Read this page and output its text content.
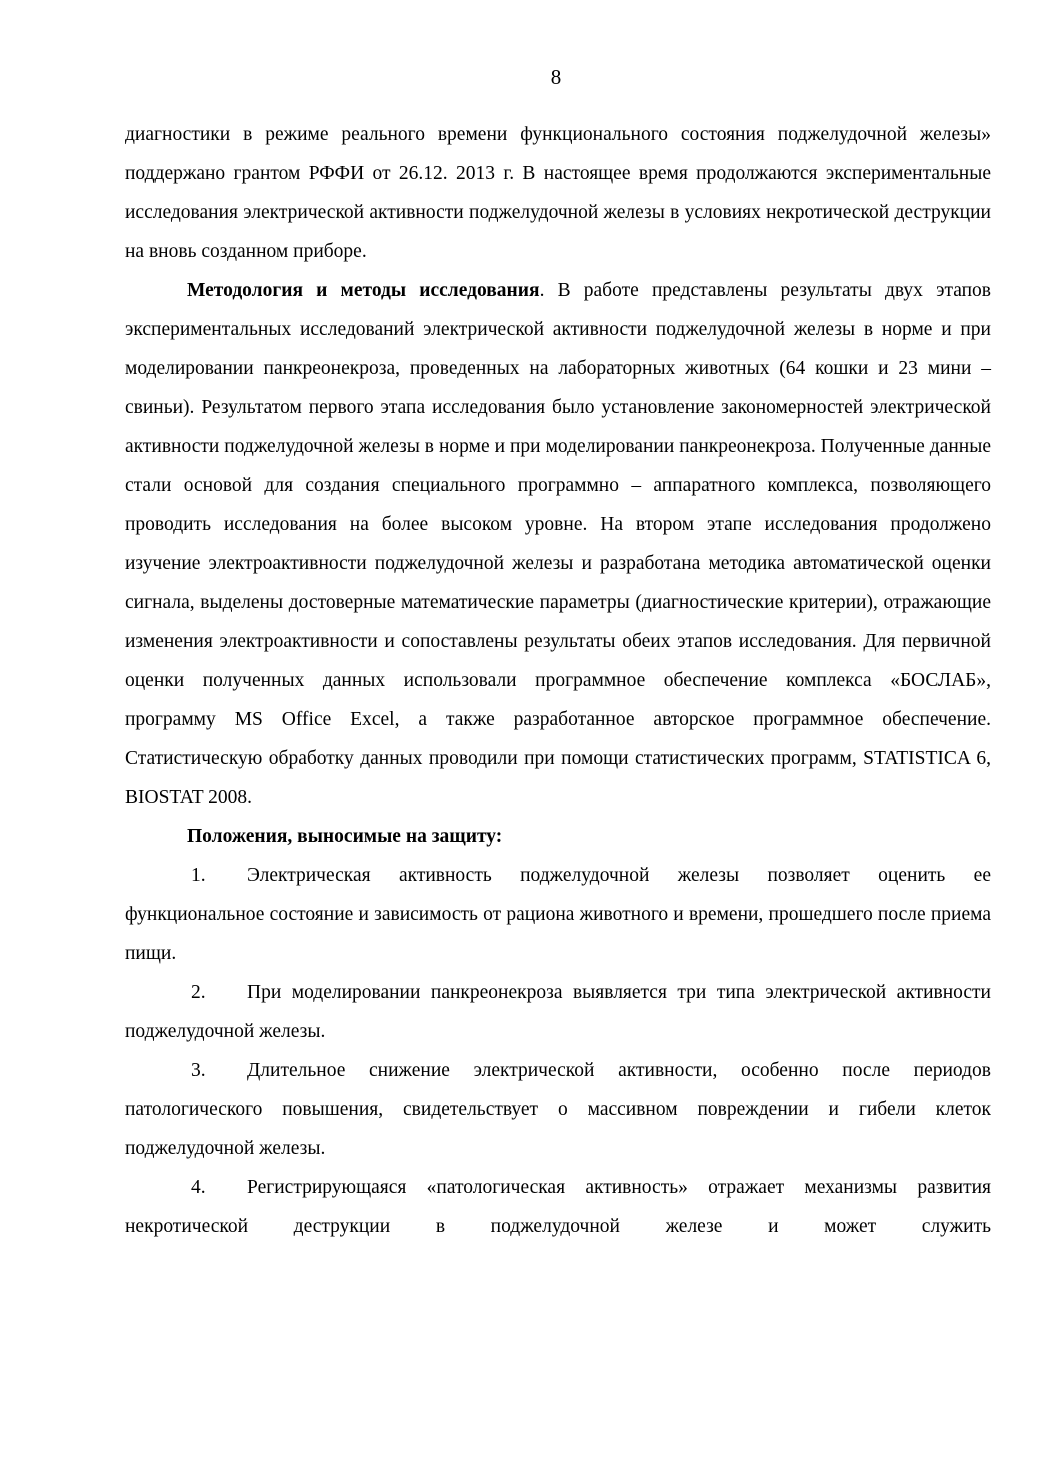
8

диагностики в режиме реального времени функционального состояния поджелудочной железы» поддержано грантом РФФИ от 26.12. 2013 г. В настоящее время продолжаются экспериментальные исследования электрической активности поджелудочной железы в условиях некротической деструкции на вновь созданном приборе.

Методология и методы исследования. В работе представлены результаты двух этапов экспериментальных исследований электрической активности поджелудочной железы в норме и при моделировании панкреонекроза, проведенных на лабораторных животных (64 кошки и 23 мини – свиньи). Результатом первого этапа исследования было установление закономерностей электрической активности поджелудочной железы в норме и при моделировании панкреонекроза. Полученные данные стали основой для создания специального программно – аппаратного комплекса, позволяющего проводить исследования на более высоком уровне. На втором этапе исследования продолжено изучение электроактивности поджелудочной железы и разработана методика автоматической оценки сигнала, выделены достоверные математические параметры (диагностические критерии), отражающие изменения электроактивности и сопоставлены результаты обеих этапов исследования. Для первичной оценки полученных данных использовали программное обеспечение комплекса «БОСЛАБ», программу MS Office Excel, а также разработанное авторское программное обеспечение. Статистическую обработку данных проводили при помощи статистических программ, STATISTICA 6, BIOSTAT 2008.

Положения, выносимые на защиту:

1. Электрическая активность поджелудочной железы позволяет оценить ее функциональное состояние и зависимость от рациона животного и времени, прошедшего после приема пищи.

2. При моделировании панкреонекроза выявляется три типа электрической активности поджелудочной железы.

3. Длительное снижение электрической активности, особенно после периодов патологического повышения, свидетельствует о массивном повреждении и гибели клеток поджелудочной железы.

4. Регистрирующаяся «патологическая активность» отражает механизмы развития некротической деструкции в поджелудочной железе и может служить
